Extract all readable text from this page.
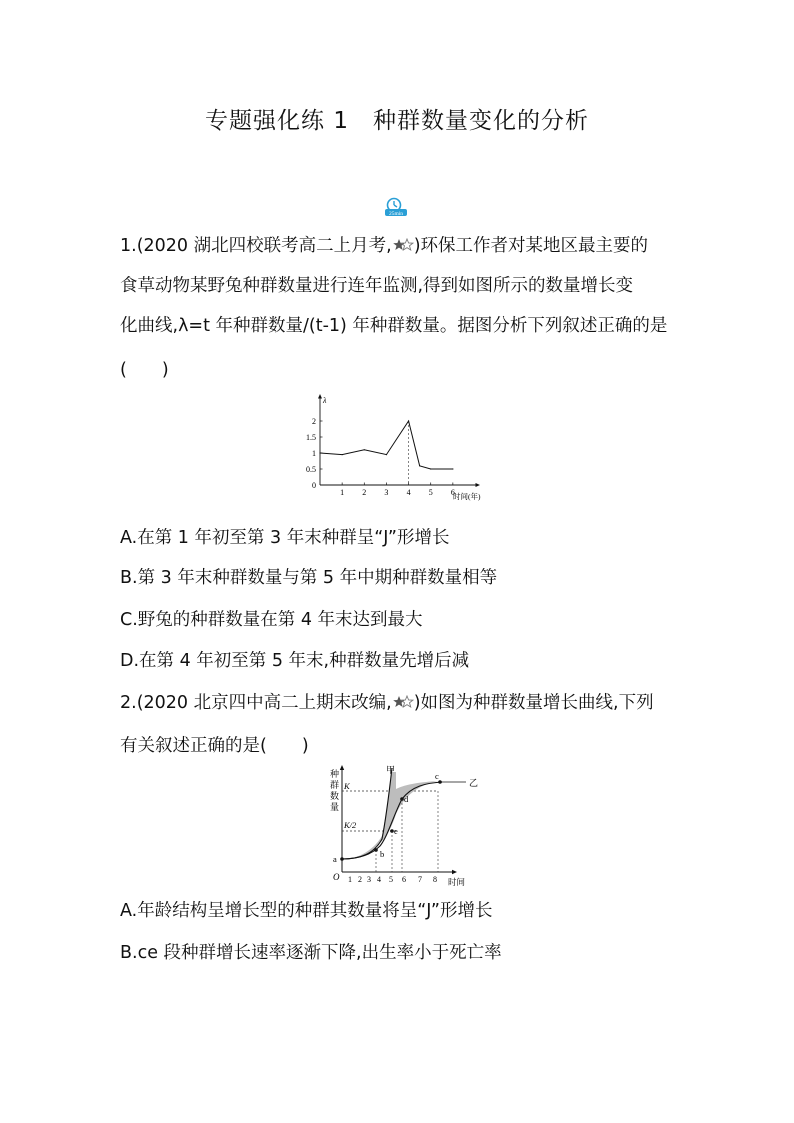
专题强化练 1　种群数量变化的分析
25min
1.(2020 湖北四校联考高二上月考, )环保工作者对某地区最主要的
食草动物某野兔种群数量进行连年监测,得到如图所示的数量增长变
化曲线,λ=t 年种群数量/(t-1) 年种群数量。据图分析下列叙述正确的是
(　　)
λ
时间(年)
0
0.5
1
1.5
2
1 2 3 4 5 6
A.在第 1 年初至第 3 年末种群呈“J”形增长
B.第 3 年末种群数量与第 5 年中期种群数量相等
C.野兔的种群数量在第 4 年末达到最大
D.在第 4 年初至第 5 年末,种群数量先增后减
2.(2020 北京四中高二上期末改编, )如图为种群数量增长曲线,下列
有关叙述正确的是(　　)
种
群
数
量
O	时间
K
K/2
甲
乙
a	b
c
d
e
1 2 3 4 5 6 7 8
A.年龄结构呈增长型的种群其数量将呈“J”形增长
B.ce 段种群增长速率逐渐下降,出生率小于死亡率
